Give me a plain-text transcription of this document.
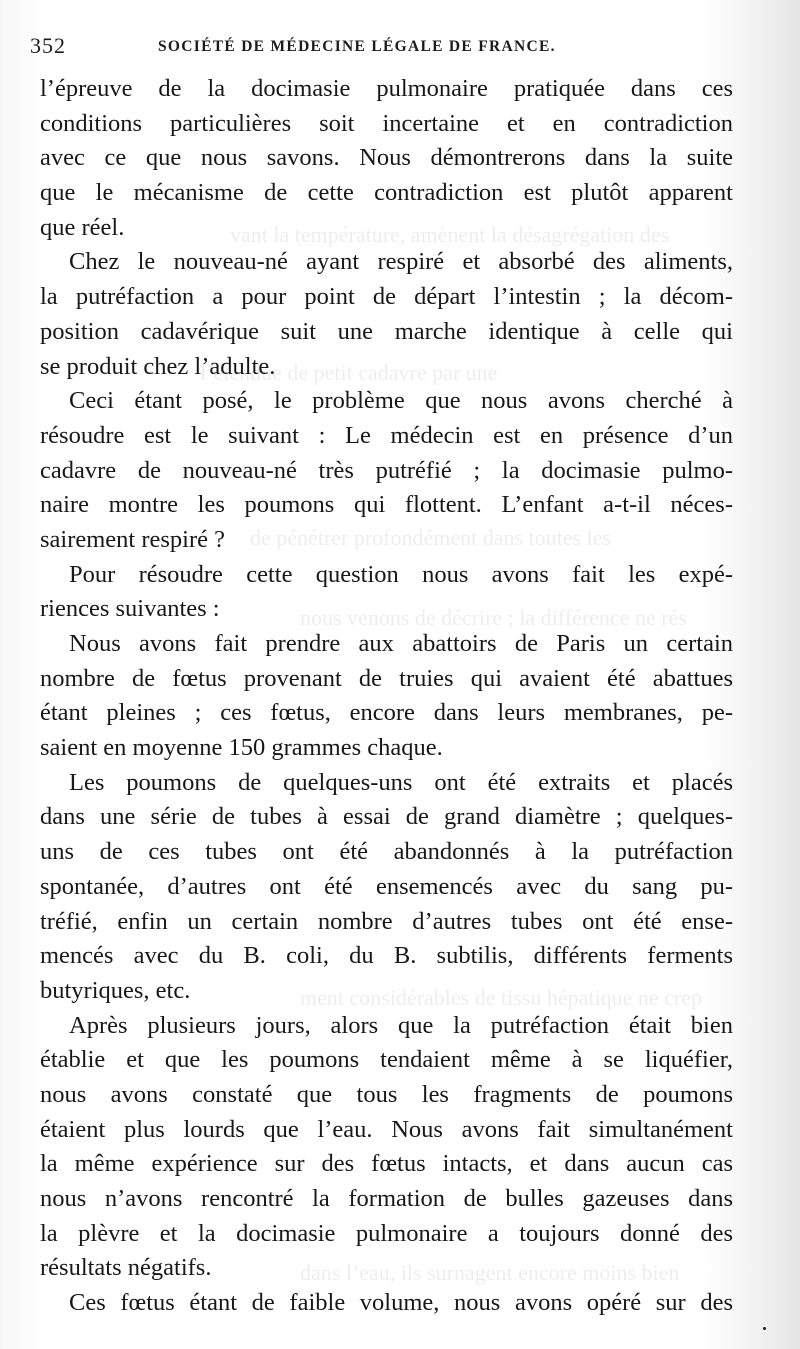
vant la température, amènent la désagrégation des
l’étendue de petit cadavre par une
de pénétrer profondément dans toutes les
nous venons de décrire ; la différence ne rés
ment considérables de tissu hépatique ne crep
dans l’eau, ils surnagent encore moins bien
352	SOCIÉTÉ DE MÉDECINE LÉGALE DE FRANCE.
l’épreuve de la docimasie pulmonaire pratiquée dans ces
conditions particulières soit incertaine et en contradiction
avec ce que nous savons. Nous démontrerons dans la suite
que le mécanisme de cette contradiction est plutôt apparent
que réel.
Chez le nouveau-né ayant respiré et absorbé des aliments,
la putréfaction a pour point de départ l’intestin ; la décom-
position cadavérique suit une marche identique à celle qui
se produit chez l’adulte.
Ceci étant posé, le problème que nous avons cherché à
résoudre est le suivant : Le médecin est en présence d’un
cadavre de nouveau-né très putréfié ; la docimasie pulmo-
naire montre les poumons qui flottent. L’enfant a-t-il néces-
sairement respiré ?
Pour résoudre cette question nous avons fait les expé-
riences suivantes :
Nous avons fait prendre aux abattoirs de Paris un certain
nombre de fœtus provenant de truies qui avaient été abattues
étant pleines ; ces fœtus, encore dans leurs membranes, pe-
saient en moyenne 150 grammes chaque.
Les poumons de quelques-uns ont été extraits et placés
dans une série de tubes à essai de grand diamètre ; quelques-
uns de ces tubes ont été abandonnés à la putréfaction
spontanée, d’autres ont été ensemencés avec du sang pu-
tréfié, enfin un certain nombre d’autres tubes ont été ense-
mencés avec du B. coli, du B. subtilis, différents ferments
butyriques, etc.
Après plusieurs jours, alors que la putréfaction était bien
établie et que les poumons tendaient même à se liquéfier,
nous avons constaté que tous les fragments de poumons
étaient plus lourds que l’eau. Nous avons fait simultanément
la même expérience sur des fœtus intacts, et dans aucun cas
nous n’avons rencontré la formation de bulles gazeuses dans
la plèvre et la docimasie pulmonaire a toujours donné des
résultats négatifs.
Ces fœtus étant de faible volume, nous avons opéré sur des
